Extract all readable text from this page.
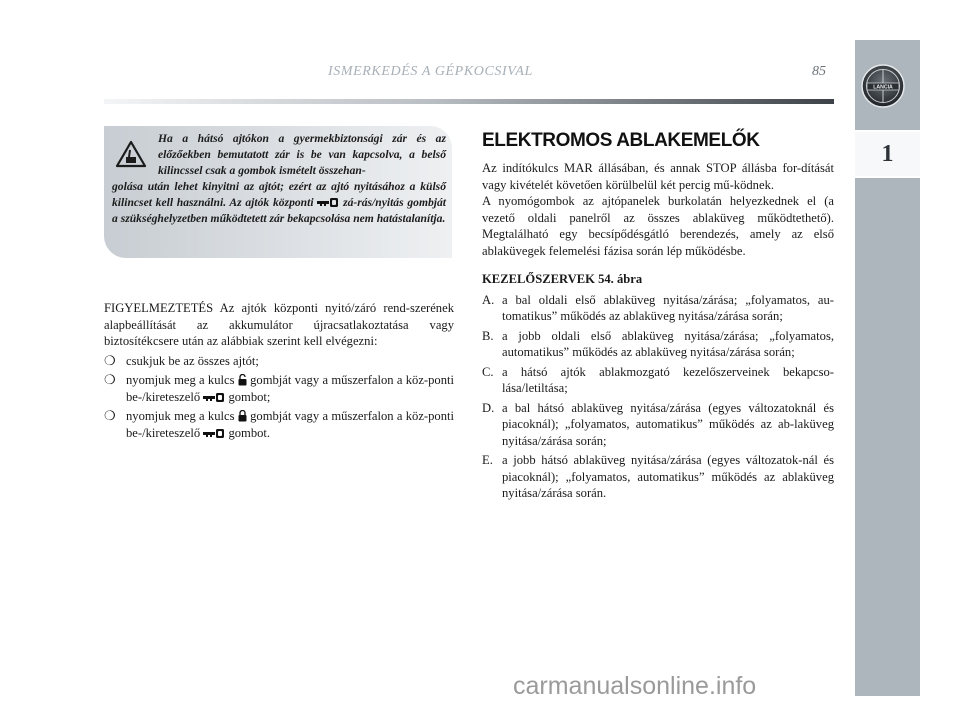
ISMERKEDÉS A GÉPKOCSIVAL	85
LANCIA
1
Ha a hátsó ajtókon a gyermekbiztonsági zár és az előzőekben bemutatott zár is be van kapcsolva, a belső kilincssel csak a gombok ismételt összehan-
golása után lehet kinyitni az ajtót; ezért az ajtó nyitásához a külső kilincset kell használni. Az ajtók központi	zá-rás/nyitás gombját a szükséghelyzetben működtetett zár bekapcsolása nem hatástalanítja.

FIGYELMEZTETÉS Az ajtók központi nyitó/záró rend-szerének alapbeállítását az akkumulátor újracsatlakoztatása vagy biztosítékcsere után az alábbiak szerint kell elvégezni:

❍ csukjuk be az összes ajtót;
❍ nyomjuk meg a kulcs gombját vagy a műszerfalon a köz-ponti be-/kireteszelő gombot;
❍ nyomjuk meg a kulcs gombját vagy a műszerfalon a köz-ponti be-/kireteszelő gombot.
ELEKTROMOS ABLAKEMELŐK

Az indítókulcs MAR állásában, és annak STOP állásba for-dítását vagy kivételét követően körülbelül két percig mű-ködnek.

A nyomógombok az ajtópanelek burkolatán helyezkednek el (a vezető oldali panelről az összes ablaküveg működtethető). Megtalálható egy becsípődésgátló berendezés, amely az első ablaküvegek felemelési fázisa során lép működésbe.

KEZELŐSZERVEK 54. ábra
A. a bal oldali első ablaküveg nyitása/zárása; „folyamatos, au-tomatikus” működés az ablaküveg nyitása/zárása során;
B. a jobb oldali első ablaküveg nyitása/zárása; „folyamatos, automatikus” működés az ablaküveg nyitása/zárása során;
C. a hátsó ajtók ablakmozgató kezelőszerveinek bekapcso-lása/letiltása;
D. a bal hátsó ablaküveg nyitása/zárása (egyes változatoknál és piacoknál); „folyamatos, automatikus” működés az ab-laküveg nyitása/zárása során;
E. a jobb hátsó ablaküveg nyitása/zárása (egyes változatok-nál és piacoknál); „folyamatos, automatikus” működés az ablaküveg nyitása/zárása során.
carmanualsonline.info
